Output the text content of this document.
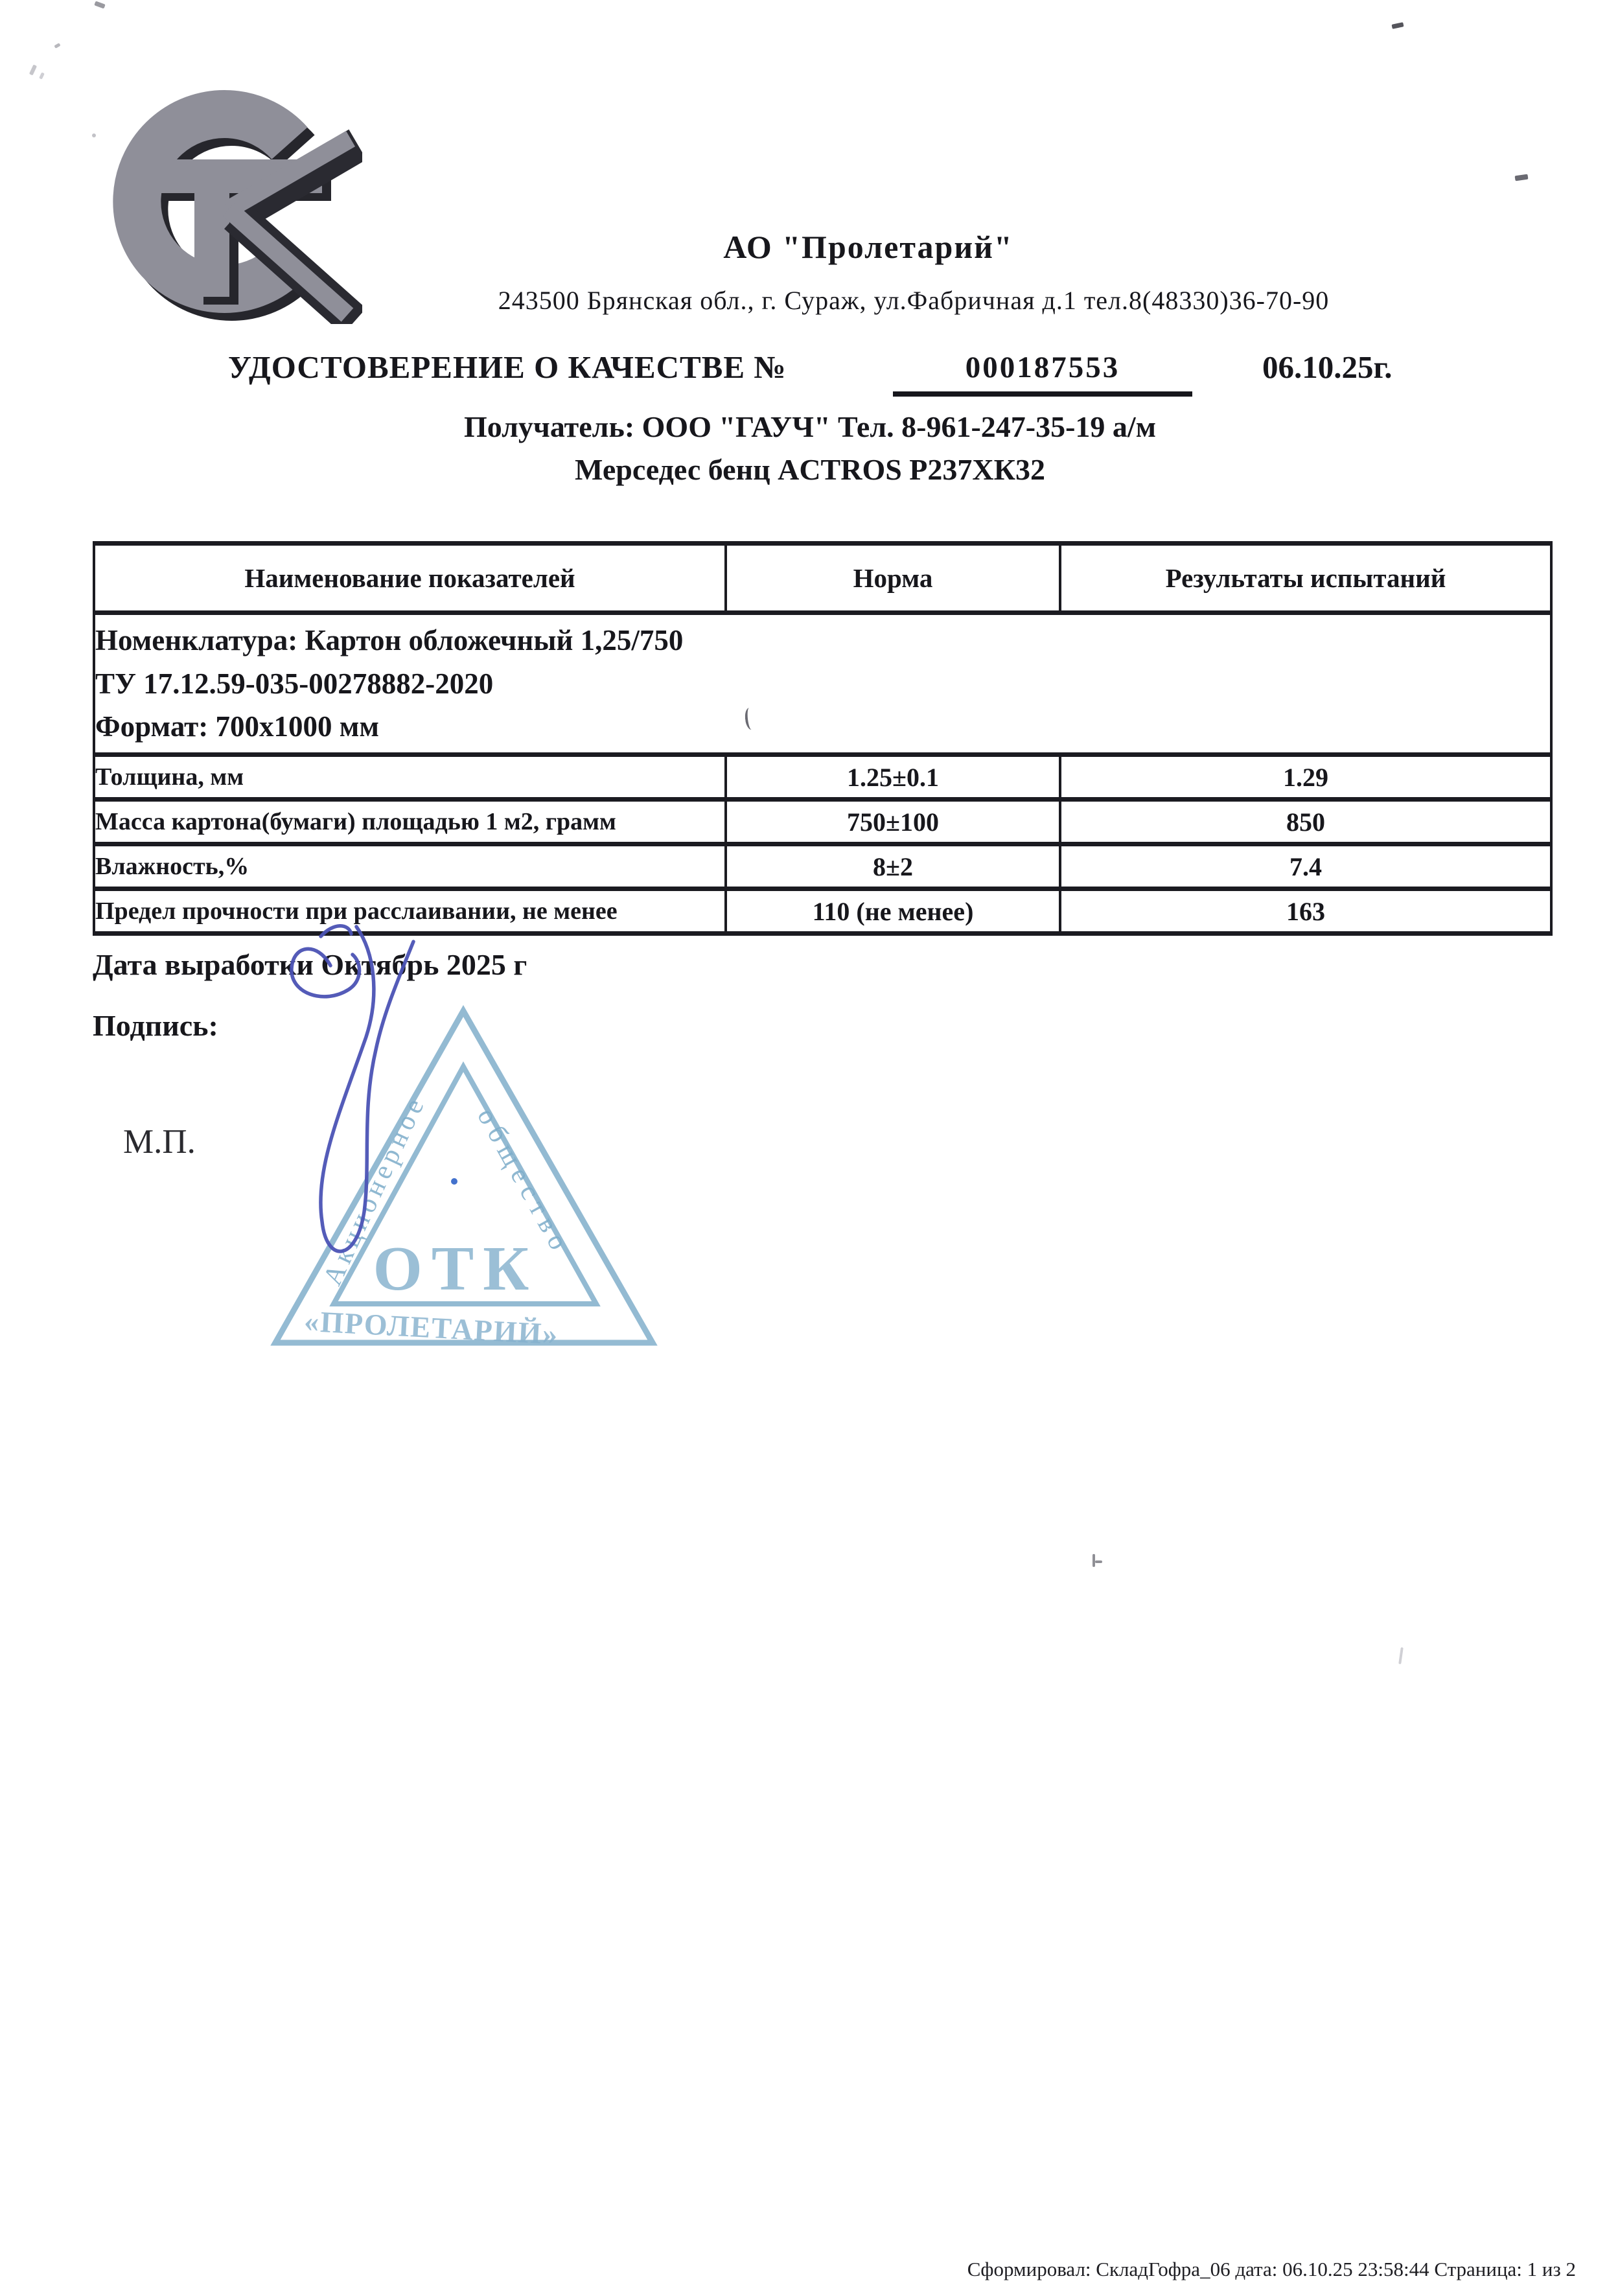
АО "Пролетарий"
243500 Брянская обл., г. Сураж, ул.Фабричная д.1 тел.8(48330)36-70-90
УДОСТОВЕРЕНИЕ О КАЧЕСТВЕ №	000187553	06.10.25г.
Получатель: ООО "ГАУЧ" Тел. 8-961-247-35-19 а/м
Мерседес бенц ACTROS Р237ХК32
Наименование показателей	Норма	Результаты испытаний

Номенклатура: Картон обложечный 1,25/750
ТУ 17.12.59-035-00278882-2020
Формат: 700х1000 мм		

Толщина, мм	1.25±0.1	1.29
Масса картона(бумаги) площадью 1 м2, грамм	750±100	850
Влажность,%	8±2	7.4
Предел прочности при расслаивании, не менее	110 (не менее)	163
Дата выработки Октябрь 2025 г
Подпись:
М.П.	Акционерное общество
ОТК
«ПРОЛЕТАРИЙ»
Сформировал: СкладГофра_06 дата: 06.10.25 23:58:44 Страница: 1 из 2
